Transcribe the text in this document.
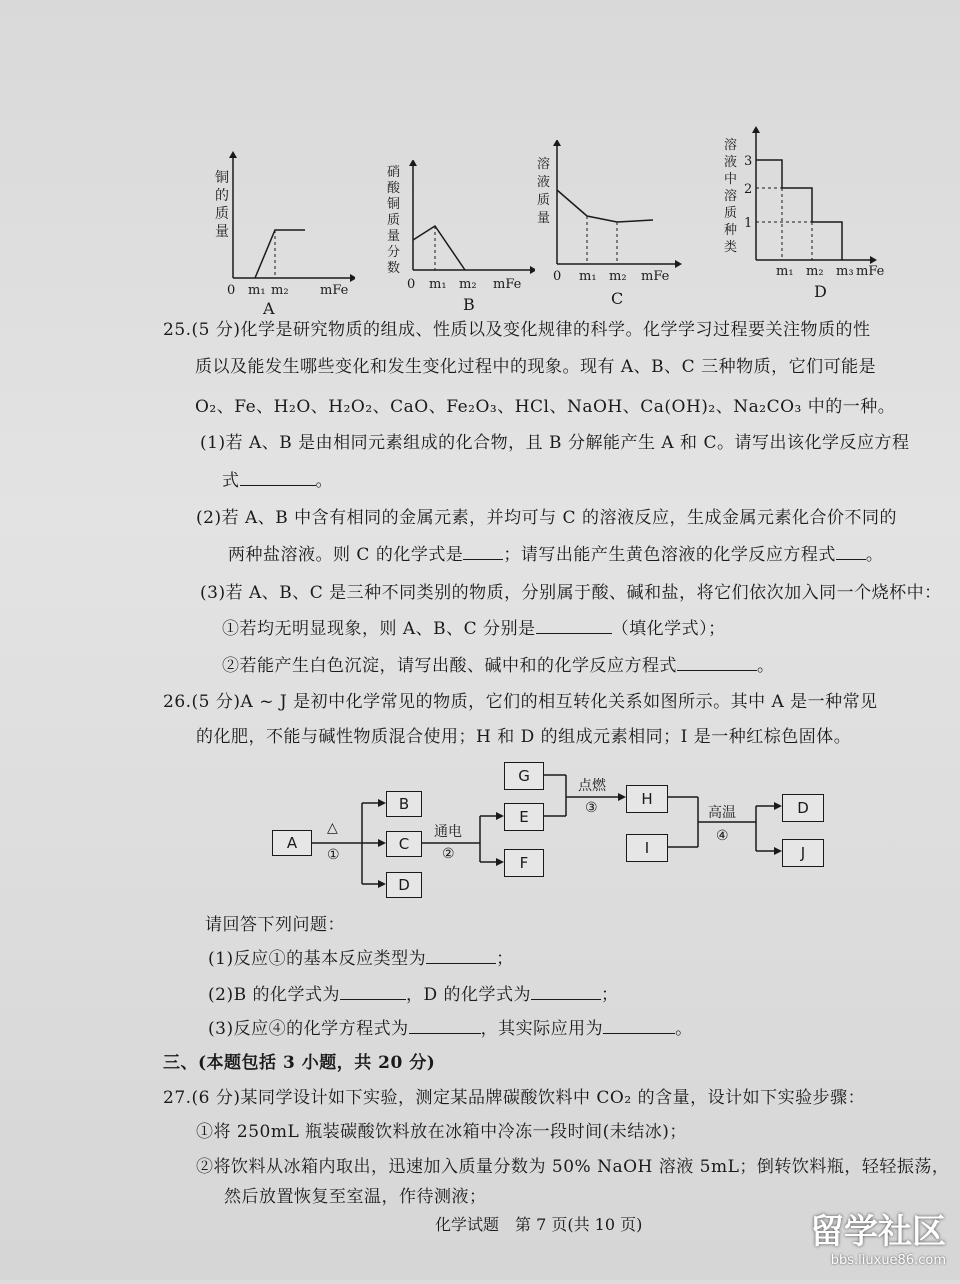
铜
的
质
量
0 m₁ m₂ mFe
A
硝
酸
铜
质
量
分
数
0 m₁ m₂ mFe
B
溶
液
质
量
0 m₁ m₂ mFe
C
溶
液
中
溶
质
种
类
3
2
1
m₁ m₂ m₃ mFe
D
25.(5 分)化学是研究物质的组成、性质以及变化规律的科学。化学学习过程要关注物质的性
质以及能发生哪些变化和发生变化过程中的现象。现有 A、B、C 三种物质，它们可能是
O₂、Fe、H₂O、H₂O₂、CaO、Fe₂O₃、HCl、NaOH、Ca(OH)₂、Na₂CO₃ 中的一种。
(1)若 A、B 是由相同元素组成的化合物，且 B 分解能产生 A 和 C。请写出该化学反应方程
式	。
(2)若 A、B 中含有相同的金属元素，并均可与 C 的溶液反应，生成金属元素化合价不同的
两种盐溶液。则 C 的化学式是 ；请写出能产生黄色溶液的化学反应方程式 。
(3)若 A、B、C 是三种不同类别的物质，分别属于酸、碱和盐，将它们依次加入同一个烧杯中：
①若均无明显现象，则 A、B、C 分别是	（填化学式）；
②若能产生白色沉淀，请写出酸、碱中和的化学反应方程式	。
26.(5 分)A ~ J 是初中化学常见的物质，它们的相互转化关系如图所示。其中 A 是一种常见
的化肥，不能与碱性物质混合使用；H 和 D 的组成元素相同；I 是一种红棕色固体。
A
B
C
D
G
E
F
H
I
D
J
△
①
通电
②
点燃
③	高温
④
请回答下列问题：
(1)反应①的基本反应类型为	；
(2)B 的化学式为	，D 的化学式为	；
(3)反应④的化学方程式为	，其实际应用为	。
三、(本题包括 3 小题，共 20 分)
27.(6 分)某同学设计如下实验，测定某品牌碳酸饮料中 CO₂ 的含量，设计如下实验步骤：
①将 250mL 瓶装碳酸饮料放在冰箱中冷冻一段时间(未结冰)；
②将饮料从冰箱内取出，迅速加入质量分数为 50% NaOH 溶液 5mL；倒转饮料瓶，轻轻振荡，
然后放置恢复至室温，作待测液；
化学试题　第 7 页(共 10 页)	留学社区
bbs.liuxue86.com
